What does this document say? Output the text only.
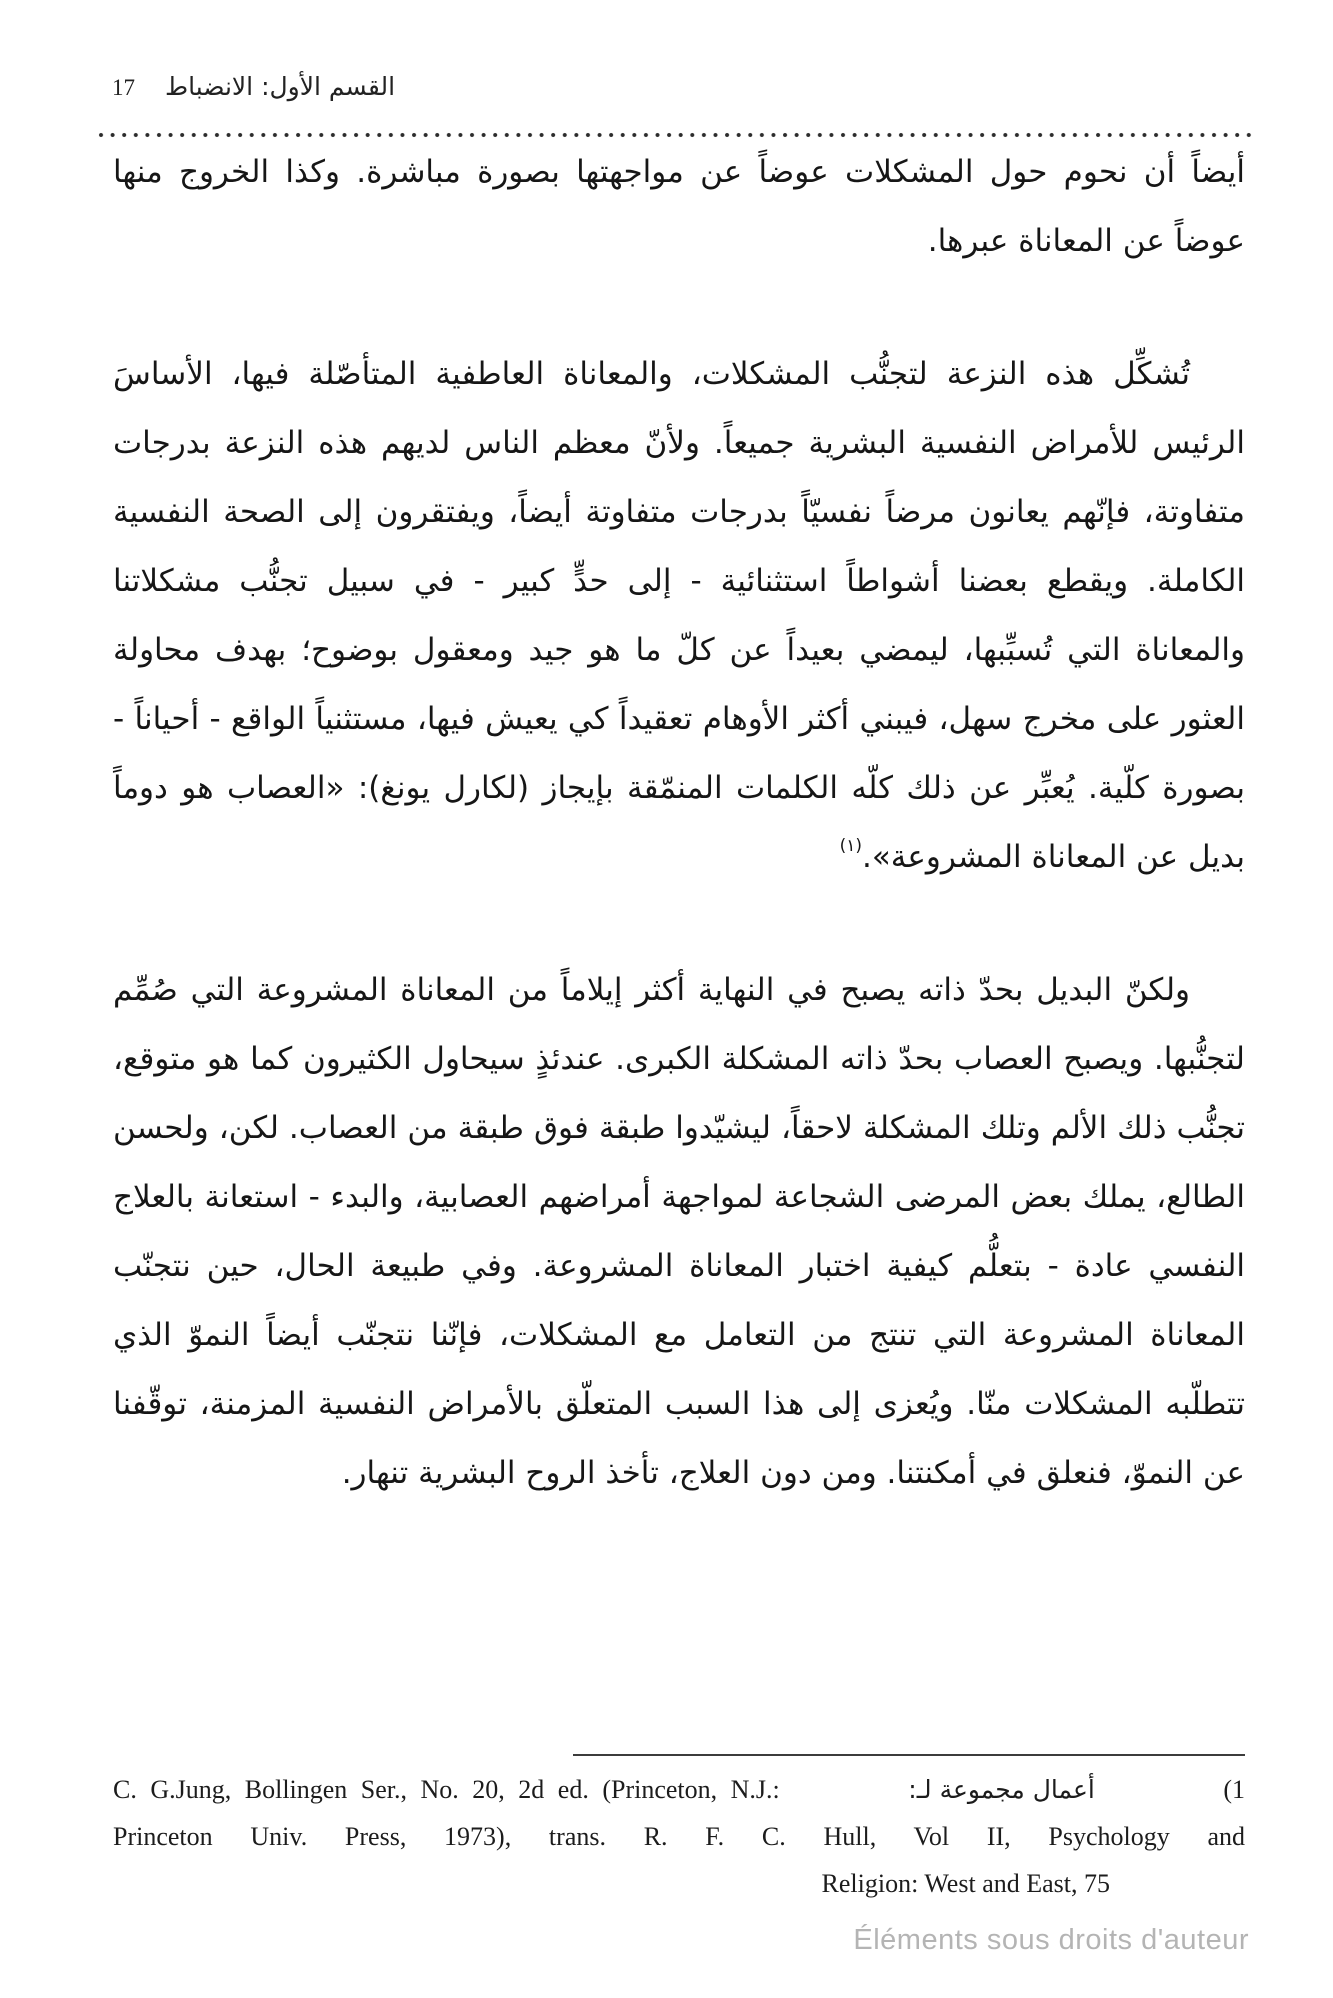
القسم الأول: الانضباط
17

أيضاً أن نحوم حول المشكلات عوضاً عن مواجهتها بصورة مباشرة. وكذا الخروج منها عوضاً عن المعاناة عبرها.

تُشكِّل هذه النزعة لتجنُّب المشكلات، والمعاناة العاطفية المتأصّلة فيها، الأساسَ الرئيس للأمراض النفسية البشرية جميعاً. ولأنّ معظم الناس لديهم هذه النزعة بدرجات متفاوتة، فإنّهم يعانون مرضاً نفسيّاً بدرجات متفاوتة أيضاً، ويفتقرون إلى الصحة النفسية الكاملة. ويقطع بعضنا أشواطاً استثنائية - إلى حدٍّ كبير - في سبيل تجنُّب مشكلاتنا والمعاناة التي تُسبِّبها، ليمضي بعيداً عن كلّ ما هو جيد ومعقول بوضوح؛ بهدف محاولة العثور على مخرج سهل، فيبني أكثر الأوهام تعقيداً كي يعيش فيها، مستثنياً الواقع - أحياناً - بصورة كلّية. يُعبِّر عن ذلك كلّه الكلمات المنمّقة بإيجاز (لكارل يونغ): «العصاب هو دوماً بديل عن المعاناة المشروعة».$^{(١)}$

ولكنّ البديل بحدّ ذاته يصبح في النهاية أكثر إيلاماً من المعاناة المشروعة التي صُمِّم لتجنُّبها. ويصبح العصاب بحدّ ذاته المشكلة الكبرى. عندئذٍ سيحاول الكثيرون كما هو متوقع، تجنُّب ذلك الألم وتلك المشكلة لاحقاً، ليشيّدوا طبقة فوق طبقة من العصاب. لكن، ولحسن الطالع، يملك بعض المرضى الشجاعة لمواجهة أمراضهم العصابية، والبدء - استعانة بالعلاج النفسي عادة - بتعلُّم كيفية اختبار المعاناة المشروعة. وفي طبيعة الحال، حين نتجنّب المعاناة المشروعة التي تنتج من التعامل مع المشكلات، فإنّنا نتجنّب أيضاً النموّ الذي تتطلّبه المشكلات منّا. ويُعزى إلى هذا السبب المتعلّق بالأمراض النفسية المزمنة، توقّفنا عن النموّ، فنعلق في أمكنتنا. ومن دون العلاج، تأخذ الروح البشرية تنهار.

(1
أعمال مجموعة لـ:
C. G.Jung, Bollingen Ser., No. 20, 2d ed. (Princeton, N.J.:
Princeton Univ. Press, 1973), trans. R. F. C. Hull, Vol II, Psychology and
Religion: West and East, 75
Éléments sous droits d'auteur
